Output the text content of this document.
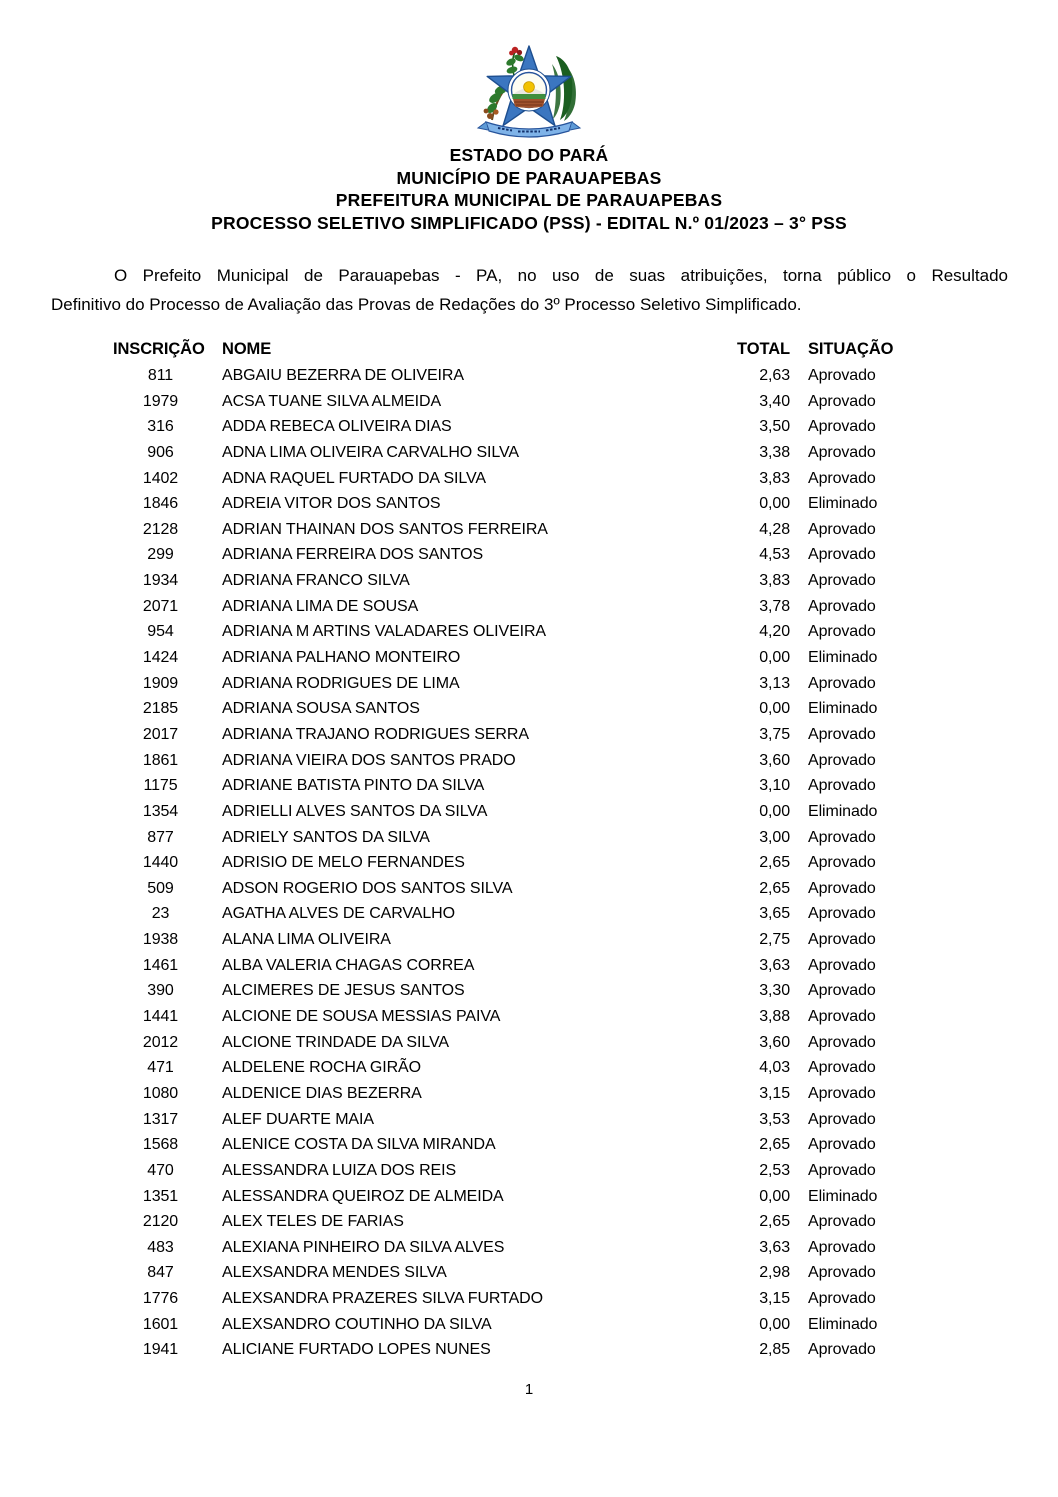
ESTADO DO PARÁ
MUNICÍPIO DE PARAUAPEBAS
PREFEITURA MUNICIPAL DE PARAUAPEBAS
PROCESSO SELETIVO SIMPLIFICADO (PSS) - EDITAL N.º 01/2023 – 3° PSS

O Prefeito Municipal de Parauapebas - PA, no uso de suas atribuições, torna público o Resultado
Definitivo do Processo de Avaliação das Provas de Redações do 3º Processo Seletivo Simplificado.

INSCRIÇÃO	NOME	TOTAL	SITUAÇÃO
811	ABGAIU BEZERRA DE OLIVEIRA	2,63	Aprovado
1979	ACSA TUANE SILVA ALMEIDA	3,40	Aprovado
316	ADDA REBECA OLIVEIRA DIAS	3,50	Aprovado
906	ADNA LIMA OLIVEIRA CARVALHO SILVA	3,38	Aprovado
1402	ADNA RAQUEL FURTADO DA SILVA	3,83	Aprovado
1846	ADREIA VITOR DOS SANTOS	0,00	Eliminado
2128	ADRIAN THAINAN DOS SANTOS FERREIRA	4,28	Aprovado
299	ADRIANA FERREIRA DOS SANTOS	4,53	Aprovado
1934	ADRIANA FRANCO SILVA	3,83	Aprovado
2071	ADRIANA LIMA DE SOUSA	3,78	Aprovado
954	ADRIANA M ARTINS VALADARES OLIVEIRA	4,20	Aprovado
1424	ADRIANA PALHANO MONTEIRO	0,00	Eliminado
1909	ADRIANA RODRIGUES DE LIMA	3,13	Aprovado
2185	ADRIANA SOUSA SANTOS	0,00	Eliminado
2017	ADRIANA TRAJANO RODRIGUES SERRA	3,75	Aprovado
1861	ADRIANA VIEIRA DOS SANTOS PRADO	3,60	Aprovado
1175	ADRIANE BATISTA PINTO DA SILVA	3,10	Aprovado
1354	ADRIELLI ALVES SANTOS DA SILVA	0,00	Eliminado
877	ADRIELY SANTOS DA SILVA	3,00	Aprovado
1440	ADRISIO DE MELO FERNANDES	2,65	Aprovado
509	ADSON ROGERIO DOS SANTOS SILVA	2,65	Aprovado
23	AGATHA ALVES DE CARVALHO	3,65	Aprovado
1938	ALANA LIMA OLIVEIRA	2,75	Aprovado
1461	ALBA VALERIA CHAGAS CORREA	3,63	Aprovado
390	ALCIMERES DE JESUS SANTOS	3,30	Aprovado
1441	ALCIONE DE SOUSA MESSIAS PAIVA	3,88	Aprovado
2012	ALCIONE TRINDADE DA SILVA	3,60	Aprovado
471	ALDELENE ROCHA GIRÃO	4,03	Aprovado
1080	ALDENICE DIAS BEZERRA	3,15	Aprovado
1317	ALEF DUARTE MAIA	3,53	Aprovado
1568	ALENICE COSTA DA SILVA MIRANDA	2,65	Aprovado
470	ALESSANDRA LUIZA DOS REIS	2,53	Aprovado
1351	ALESSANDRA QUEIROZ DE ALMEIDA	0,00	Eliminado
2120	ALEX TELES DE FARIAS	2,65	Aprovado
483	ALEXIANA PINHEIRO DA SILVA ALVES	3,63	Aprovado
847	ALEXSANDRA MENDES SILVA	2,98	Aprovado
1776	ALEXSANDRA PRAZERES SILVA FURTADO	3,15	Aprovado
1601	ALEXSANDRO COUTINHO DA SILVA	0,00	Eliminado
1941	ALICIANE FURTADO LOPES NUNES	2,85	Aprovado
1
